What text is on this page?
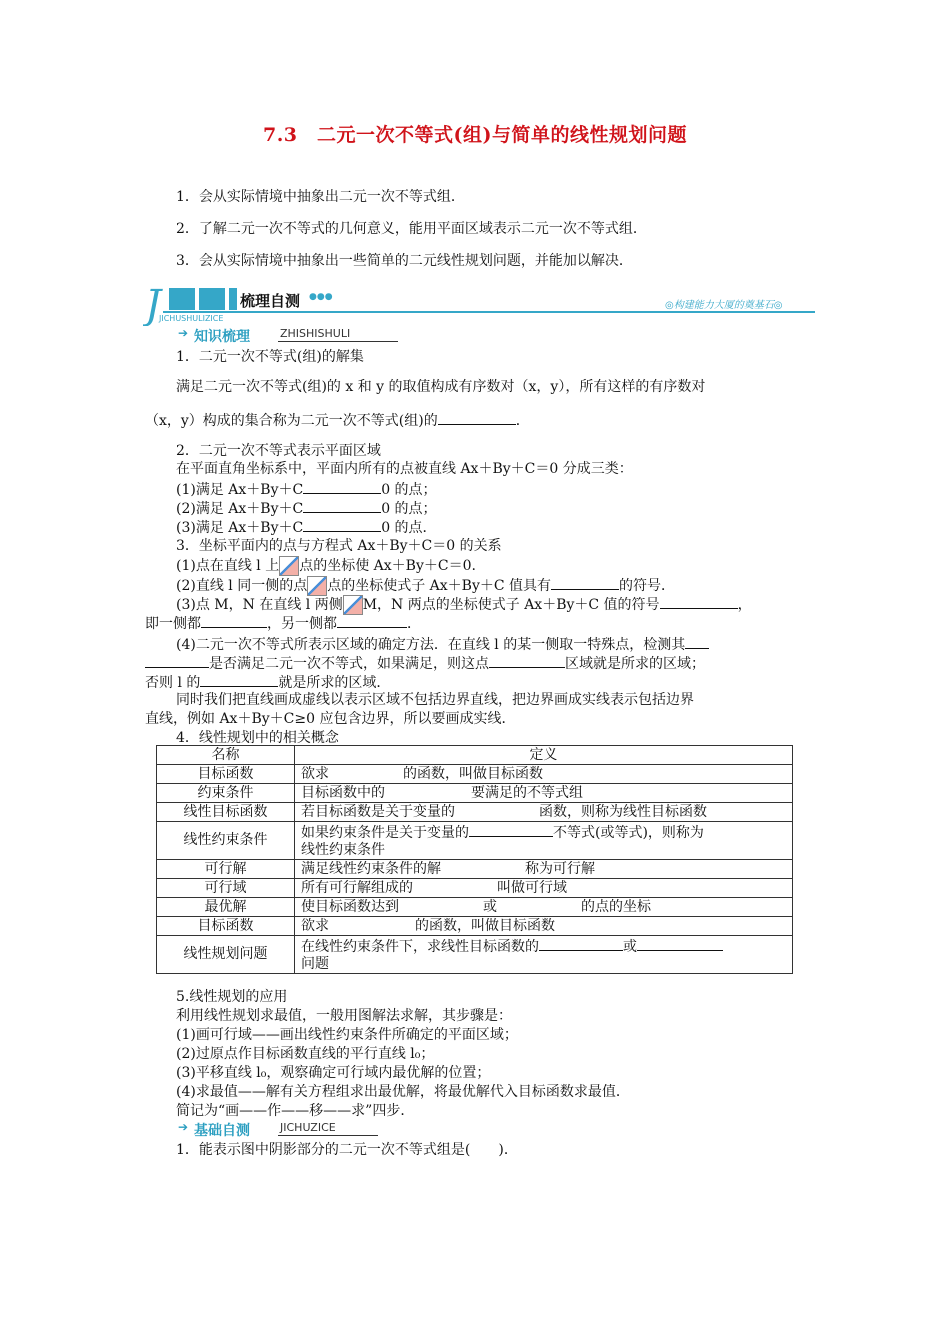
7.3　二元一次不等式(组)与简单的线性规划问题
1．会从实际情境中抽象出二元一次不等式组．
2．了解二元一次不等式的几何意义，能用平面区域表示二元一次不等式组．
3．会从实际情境中抽象出一些简单的二元线性规划问题，并能加以解决．
J	梳理自测 ●●●
JICHUSHULIZICE
◎构建能力大厦的奠基石◎
➔ 知识梳理	ZHISHISHULI
1．二元一次不等式(组)的解集
满足二元一次不等式(组)的 x 和 y 的取值构成有序数对（x，y），所有这样的有序数对
（x，y）构成的集合称为二元一次不等式(组)的	．
2．二元一次不等式表示平面区域
在平面直角坐标系中，平面内所有的点被直线 Ax＋By＋C＝0 分成三类：
(1)满足 Ax＋By＋C	0 的点；
(2)满足 Ax＋By＋C	0 的点；
(3)满足 Ax＋By＋C	0 的点．
3．坐标平面内的点与方程式 Ax＋By＋C＝0 的关系
(1)点在直线 l 上 点的坐标使 Ax＋By＋C＝0.
(2)直线 l 同一侧的点 点的坐标使式子 Ax＋By＋C 值具有	的符号．
(3)点 M，N 在直线 l 两侧 M，N 两点的坐标使式子 Ax＋By＋C 值的符号	，
即一侧都	，另一侧都	．
(4)二元一次不等式所表示区域的确定方法．在直线 l 的某一侧取一特殊点，检测其
是否满足二元一次不等式，如果满足，则这点	区域就是所求的区域；
否则 l 的	就是所求的区域．
同时我们把直线画成虚线以表示区域不包括边界直线，把边界画成实线表示包括边界
直线，例如 Ax＋By＋C≥0 应包含边界，所以要画成实线．
4．线性规划中的相关概念
名称	定义
目标函数	欲求 的函数，叫做目标函数
约束条件	目标函数中的 要满足的不等式组
线性目标函数	若目标函数是关于变量的 函数，则称为线性目标函数
线性约束条件	如果约束条件是关于变量的 不等式(或等式)，则称为
线性约束条件
可行解	满足线性约束条件的解 称为可行解
可行域	所有可行解组成的 叫做可行域
最优解	使目标函数达到 或 的点的坐标
目标函数	欲求 的函数，叫做目标函数
线性规划问题	在线性约束条件下，求线性目标函数的 或
问题
5.线性规划的应用
利用线性规划求最值，一般用图解法求解，其步骤是：
(1)画可行域——画出线性约束条件所确定的平面区域；
(2)过原点作目标函数直线的平行直线 l₀；
(3)平移直线 l₀，观察确定可行域内最优解的位置；
(4)求最值——解有关方程组求出最优解，将最优解代入目标函数求最值．
简记为“画——作——移——求”四步．
➔ 基础自测	JICHUZICE
1．能表示图中阴影部分的二元一次不等式组是(　　)．
